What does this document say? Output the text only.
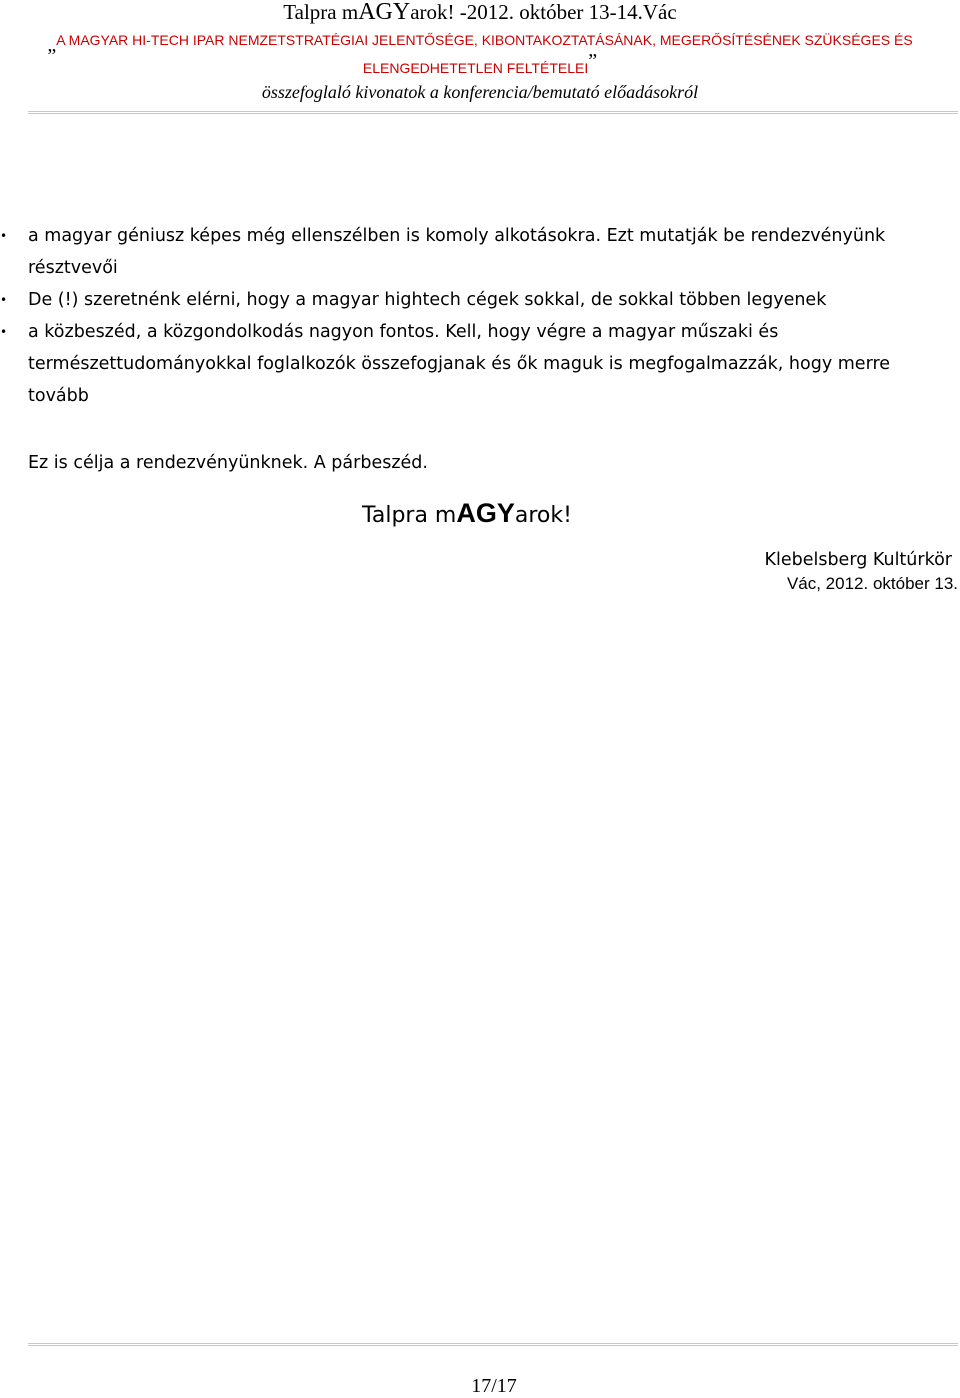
Talpra mAGYarok! -2012. október 13-14.Vác
„A MAGYAR HI-TECH IPAR NEMZETSTRATÉGIAI JELENTŐSÉGE, KIBONTAKOZTATÁSÁNAK, MEGERŐSÍTÉSÉNEK SZÜKSÉGES ÉS ELENGEDHETETLEN FELTÉTELEI”
összefoglaló kivonatok a konferencia/bemutató előadásokról
• a magyar géniusz képes még ellenszélben is komoly alkotásokra. Ezt mutatják be rendezvényünk résztvevői
• De (!) szeretnénk elérni, hogy a magyar hightech cégek sokkal, de sokkal többen legyenek
• a közbeszéd, a közgondolkodás nagyon fontos. Kell, hogy végre a magyar műszaki és természettudományokkal foglalkozók összefogjanak és ők maguk is megfogalmazzák, hogy merre tovább
Ez is célja a rendezvényünknek. A párbeszéd.
Talpra mAGYarok!
Klebelsberg Kultúrkör
Vác, 2012. október 13.
17/17
